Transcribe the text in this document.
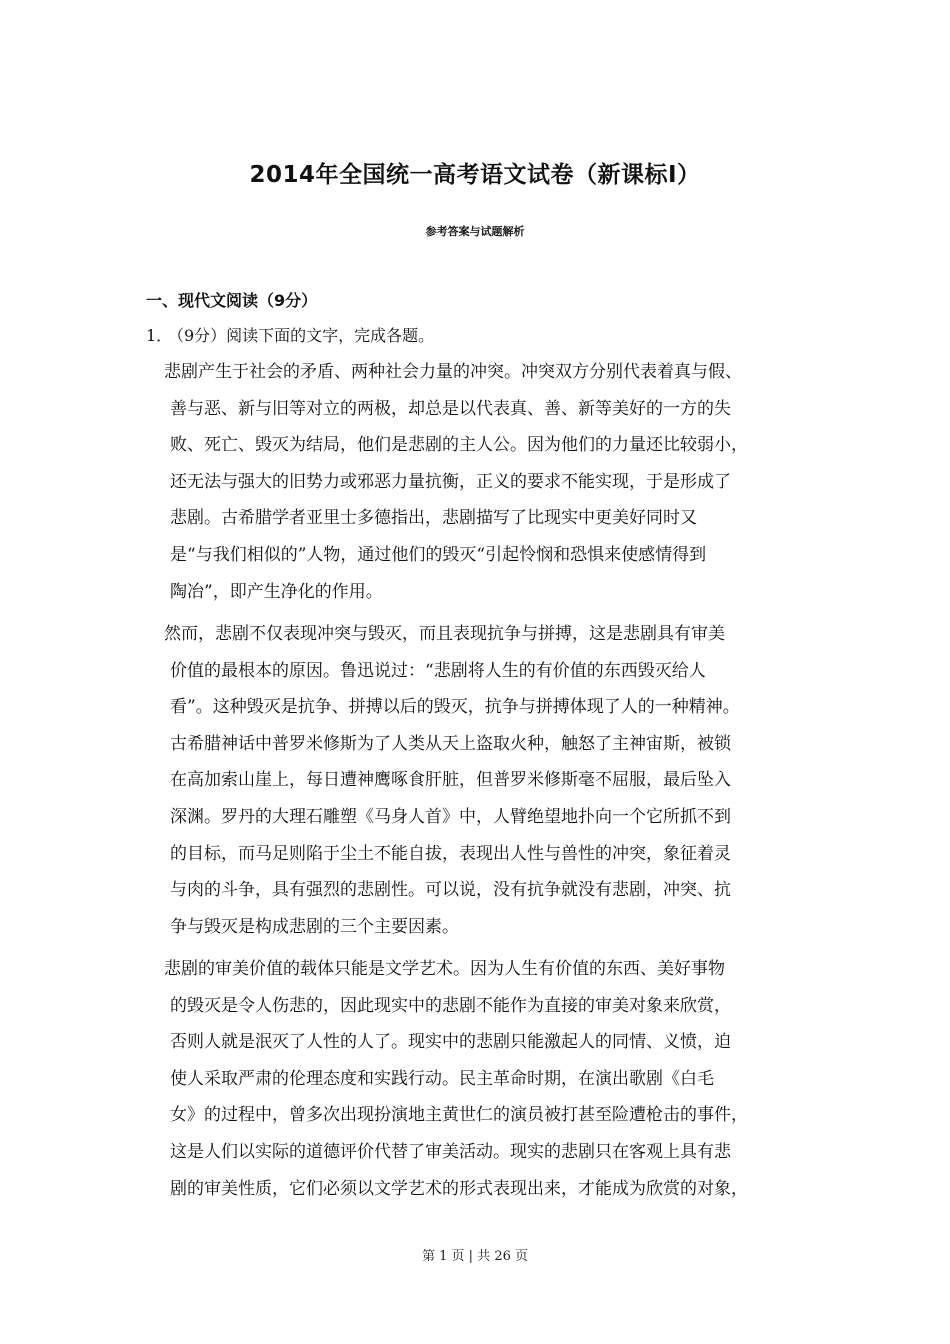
2014年全国统一高考语文试卷（新课标Ⅰ）
参考答案与试题解析
一、现代文阅读（9分）
1．（9分）阅读下面的文字，完成各题。
悲剧产生于社会的矛盾、两种社会力量的冲突。冲突双方分别代表着真与假、
善与恶、新与旧等对立的两极，却总是以代表真、善、新等美好的一方的失
败、死亡、毁灭为结局，他们是悲剧的主人公。因为他们的力量还比较弱小，
还无法与强大的旧势力或邪恶力量抗衡，正义的要求不能实现，于是形成了
悲剧。古希腊学者亚里士多德指出，悲剧描写了比现实中更美好同时又
是“与我们相似的”人物，通过他们的毁灭“引起怜悯和恐惧来使感情得到
陶冶”，即产生净化的作用。
然而，悲剧不仅表现冲突与毁灭，而且表现抗争与拼搏，这是悲剧具有审美
价值的最根本的原因。鲁迅说过：“悲剧将人生的有价值的东西毁灭给人
看”。这种毁灭是抗争、拼搏以后的毁灭，抗争与拼搏体现了人的一种精神。
古希腊神话中普罗米修斯为了人类从天上盗取火种，触怒了主神宙斯，被锁
在高加索山崖上，每日遭神鹰啄食肝脏，但普罗米修斯毫不屈服，最后坠入
深渊。罗丹的大理石雕塑《马身人首》中，人臂绝望地扑向一个它所抓不到
的目标，而马足则陷于尘土不能自拔，表现出人性与兽性的冲突，象征着灵
与肉的斗争，具有强烈的悲剧性。可以说，没有抗争就没有悲剧，冲突、抗
争与毁灭是构成悲剧的三个主要因素。
悲剧的审美价值的载体只能是文学艺术。因为人生有价值的东西、美好事物
的毁灭是令人伤悲的，因此现实中的悲剧不能作为直接的审美对象来欣赏，
否则人就是泯灭了人性的人了。现实中的悲剧只能激起人的同情、义愤，迫
使人采取严肃的伦理态度和实践行动。民主革命时期，在演出歌剧《白毛
女》的过程中，曾多次出现扮演地主黄世仁的演员被打甚至险遭枪击的事件，
这是人们以实际的道德评价代替了审美活动。现实的悲剧只在客观上具有悲
剧的审美性质，它们必须以文学艺术的形式表现出来，才能成为欣赏的对象，
第 1 页 | 共 26 页
